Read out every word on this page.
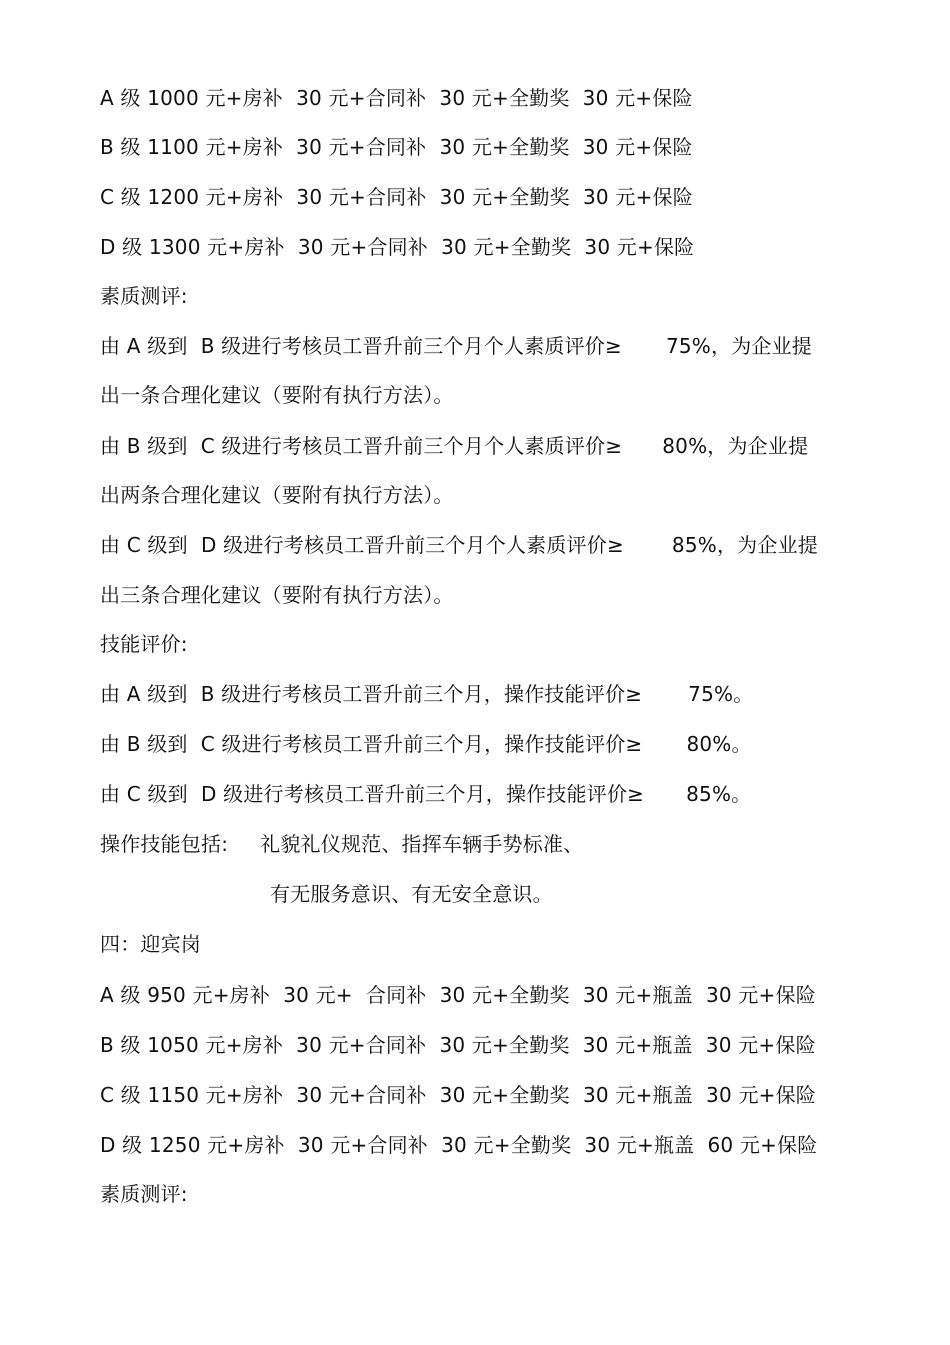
A 级 1000 元+房补  30 元+合同补  30 元+全勤奖  30 元+保险
B 级 1100 元+房补  30 元+合同补  30 元+全勤奖  30 元+保险
C 级 1200 元+房补  30 元+合同补  30 元+全勤奖  30 元+保险
D 级 1300 元+房补  30 元+合同补  30 元+全勤奖  30 元+保险
素质测评:
由 A 级到  B 级进行考核员工晋升前三个月个人素质评价≥ 75%，为企业提
出一条合理化建议（要附有执行方法）。
由 B 级到  C 级进行考核员工晋升前三个月个人素质评价≥ 80%，为企业提
出两条合理化建议（要附有执行方法）。
由 C 级到  D 级进行考核员工晋升前三个月个人素质评价≥ 85%，为企业提
出三条合理化建议（要附有执行方法）。
技能评价:
由 A 级到  B 级进行考核员工晋升前三个月，操作技能评价≥ 75%。
由 B 级到  C 级进行考核员工晋升前三个月，操作技能评价≥ 80%。
由 C 级到  D 级进行考核员工晋升前三个月，操作技能评价≥ 85%。
操作技能包括: 礼貌礼仪规范、指挥车辆手势标准、
有无服务意识、有无安全意识。
四：迎宾岗
A 级 950 元+房补  30 元+  合同补  30 元+全勤奖  30 元+瓶盖  30 元+保险
B 级 1050 元+房补  30 元+合同补  30 元+全勤奖  30 元+瓶盖  30 元+保险
C 级 1150 元+房补  30 元+合同补  30 元+全勤奖  30 元+瓶盖  30 元+保险
D 级 1250 元+房补  30 元+合同补  30 元+全勤奖  30 元+瓶盖  60 元+保险
素质测评:
